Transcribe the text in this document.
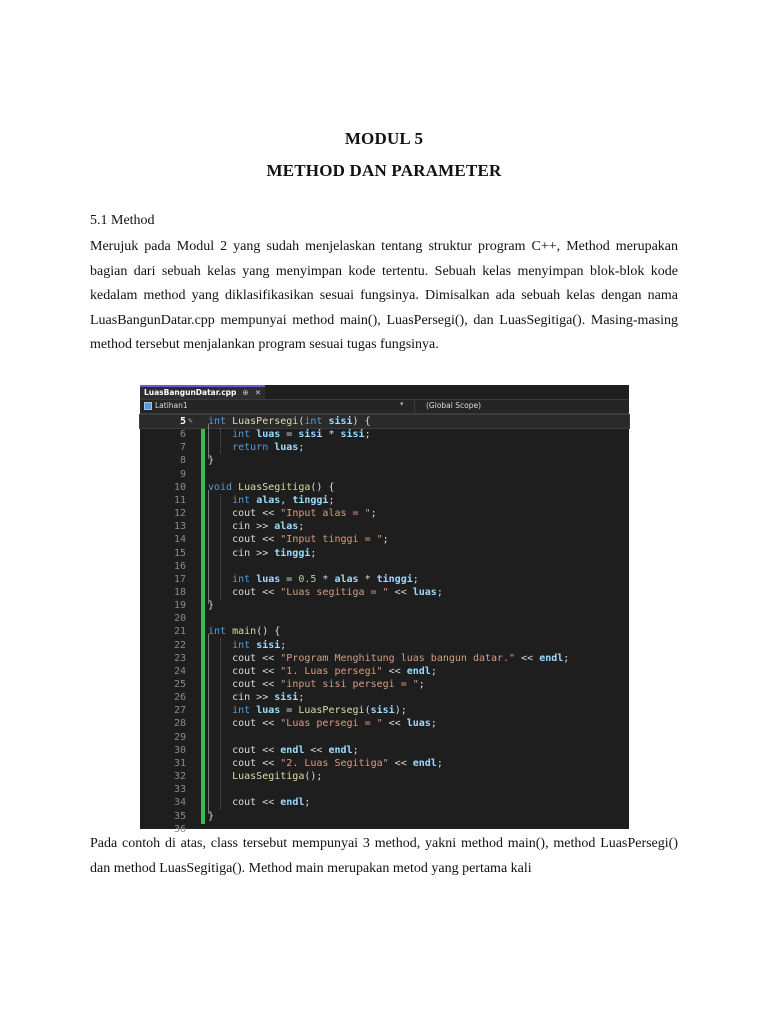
MODUL 5
METHOD DAN PARAMETER
5.1 Method

Merujuk pada Modul 2 yang sudah menjelaskan tentang struktur program C++, Method merupakan bagian dari sebuah kelas yang menyimpan kode tertentu. Sebuah kelas menyimpan blok-blok kode kedalam method yang diklasifikasikan sesuai fungsinya. Dimisalkan ada sebuah kelas dengan nama LuasBangunDatar.cpp mempunyai method main(), LuasPersegi(), dan LuasSegitiga(). Masing-masing method tersebut menjalankan program sesuai tugas fungsinya.

LuasBangunDatar.cpp ⊕ ✕
Latihan1	▾	(Global Scope)
5 int LuasPersegi(int sisi) {
6	int luas = sisi * sisi;
7	return luas;
8 }
9
10 void LuasSegitiga() {
11	int alas, tinggi;
12	cout << "Input alas = ";
13	cin >> alas;
14	cout << "Input tinggi = ";
15	cin >> tinggi;
16
17	int luas = 0.5 * alas * tinggi;
18	cout << "Luas segitiga = " << luas;
19 }
20
21 int main() {
22	int sisi;
23	cout << "Program Menghitung luas bangun datar." << endl;
24	cout << "1. Luas persegi" << endl;
25	cout << "input sisi persegi = ";
26	cin >> sisi;
27	int luas = LuasPersegi(sisi);
28	cout << "Luas persegi = " << luas;
29
30	cout << endl << endl;
31	cout << "2. Luas Segitiga" << endl;
32	LuasSegitiga();
33
34	cout << endl;
35 }
36
✎

Pada contoh di atas, class tersebut mempunyai 3 method, yakni method main(), method LuasPersegi() dan method LuasSegitiga(). Method main merupakan metod yang pertama kali
